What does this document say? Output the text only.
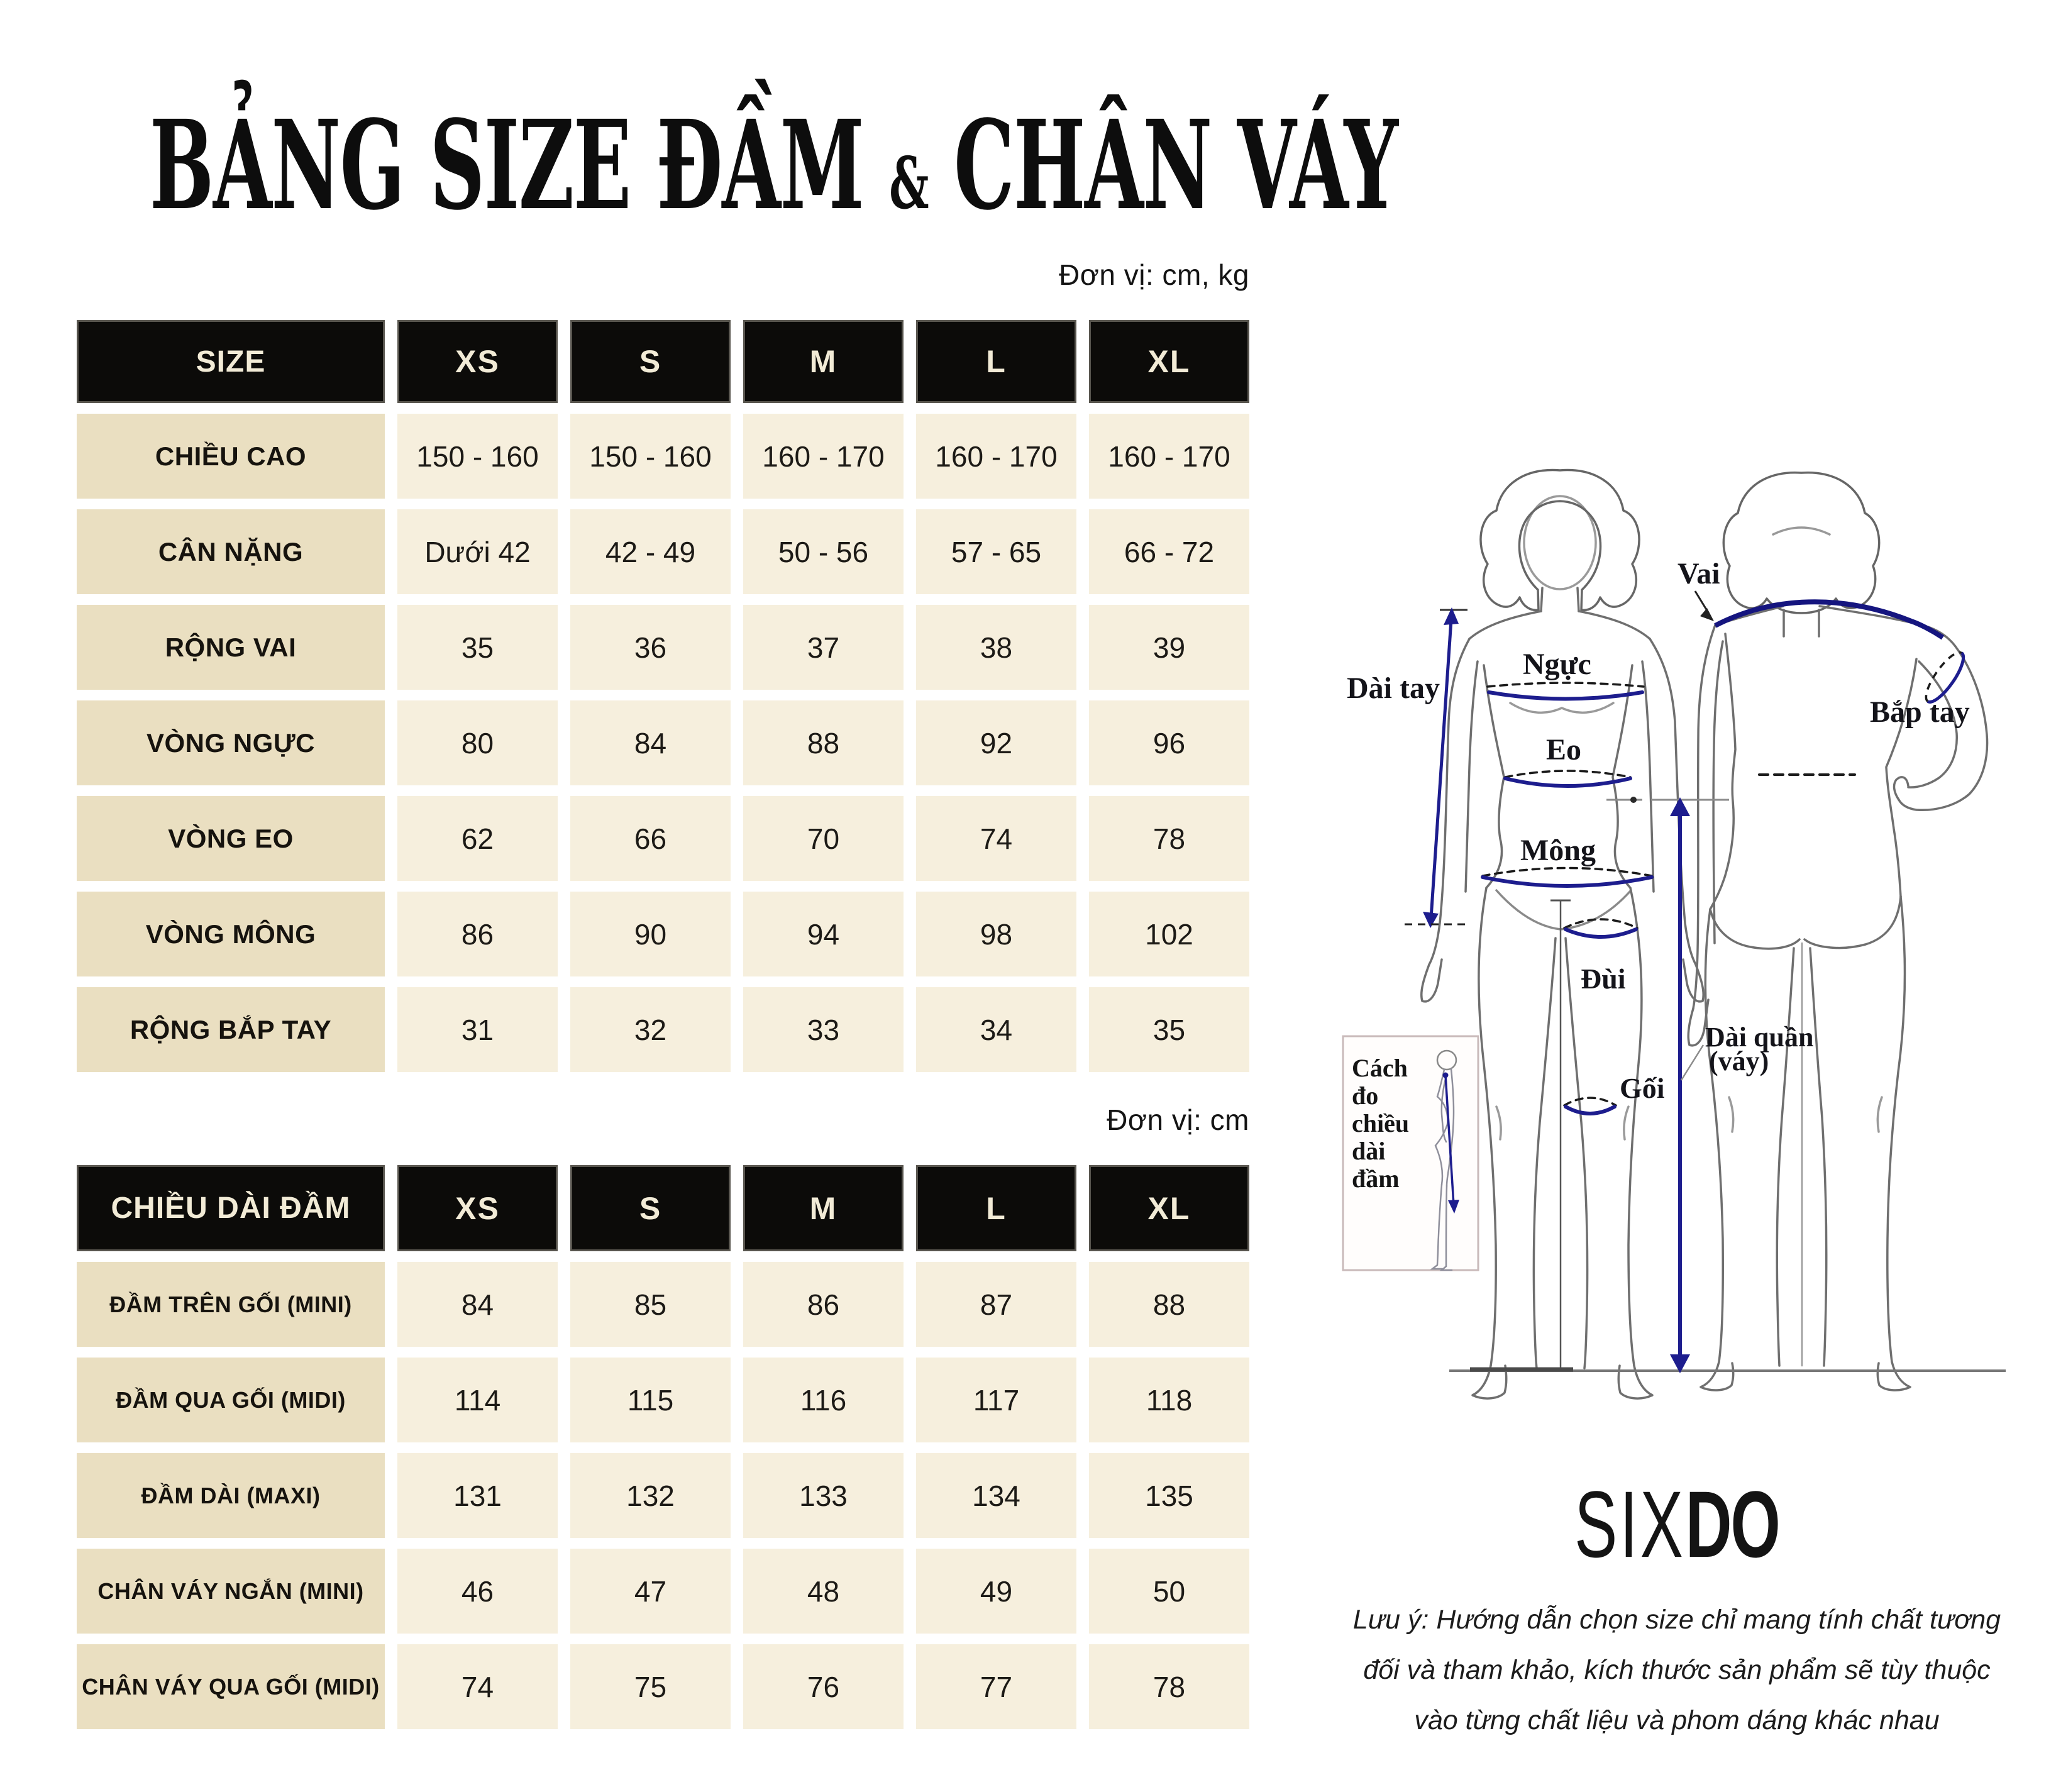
BẢNG SIZE ĐẦM & CHÂN VÁY
Đơn vị: cm, kg
Đơn vị: cm
SIZE	XS	S	M	L	XL
CHIỀU CAO	150 - 160	150 - 160	160 - 170	160 - 170	160 - 170
CÂN NẶNG	Dưới 42	42 - 49	50 - 56	57 - 65	66 - 72
RỘNG VAI	35	36	37	38	39
VÒNG NGỰC	80	84	88	92	96
VÒNG EO	62	66	70	74	78
VÒNG MÔNG	86	90	94	98	102
RỘNG BẮP TAY	31	32	33	34	35
CHIỀU DÀI ĐẦM	XS	S	M	L	XL
ĐẦM TRÊN GỐI (MINI)	84	85	86	87	88
ĐẦM QUA GỐI (MIDI)	114	115	116	117	118
ĐẦM DÀI (MAXI)	131	132	133	134	135
CHÂN VÁY NGẮN (MINI)	46	47	48	49	50
CHÂN VÁY QUA GỐI (MIDI)	74	75	76	77	78
Cách
đo
chiều
dài
đầm
Dài tay
Ngực
Eo
Mông
Vai
Bắp tay
Đùi
Gối
Dài quần
(váy)
SIXDO
Lưu ý: Hướng dẫn chọn size chỉ mang tính chất tương
đối và tham khảo, kích thước sản phẩm sẽ tùy thuộc
vào từng chất liệu và phom dáng khác nhau
